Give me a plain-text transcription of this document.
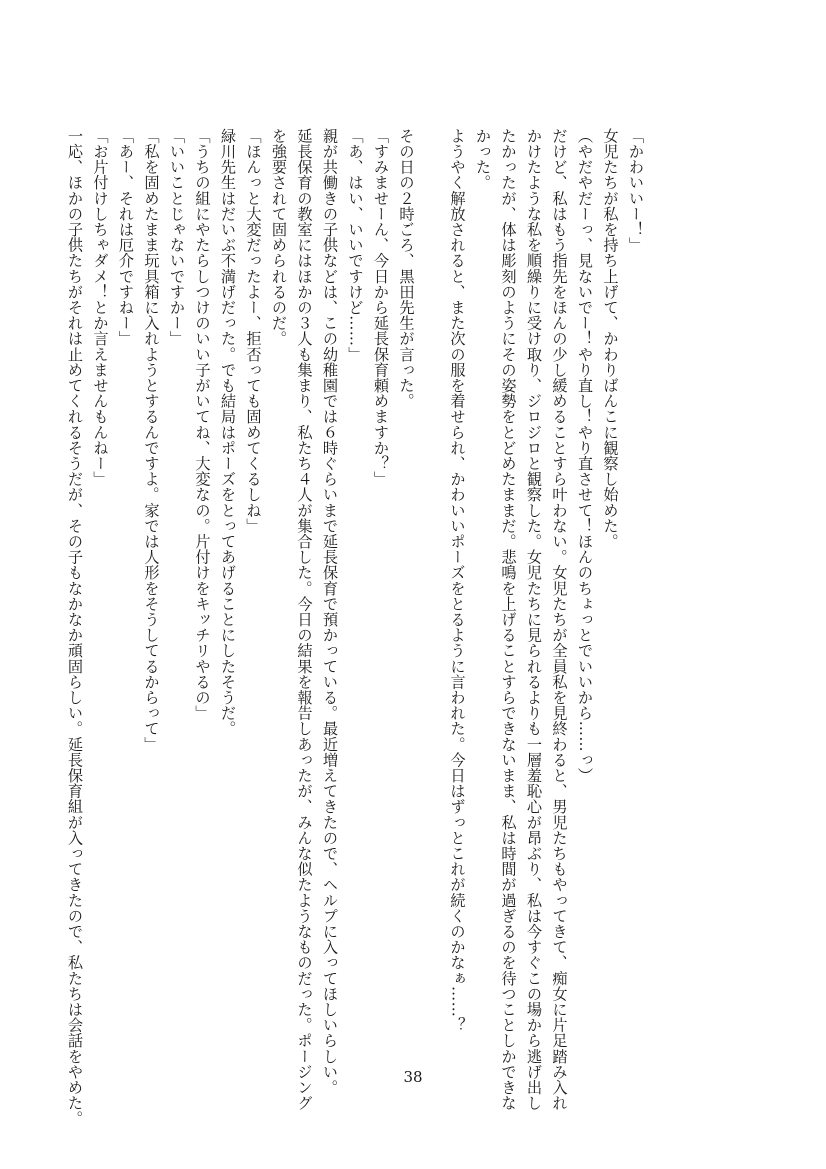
「かわいいー！」
女児たちが私を持ち上げて、かわりばんこに観察し始めた。
（やだやだーっ、見ないでー！やり直し！やり直させて！ほんのちょっとでいいから……っ）
だけど、私はもう指先をほんの少し緩めることすら叶わない。女児たちが全員私を見終わると、男児たちもやってきて、痴女に片足踏み入れ
かけたような私を順繰りに受け取り、ジロジロと観察した。女児たちに見られるよりも一層羞恥心が昂ぶり、私は今すぐこの場から逃げ出し
たかったが、体は彫刻のようにその姿勢をとどめたままだ。悲鳴を上げることすらできないまま、私は時間が過ぎるのを待つことしかできな
かった。
ようやく解放されると、また次の服を着せられ、かわいいポーズをとるように言われた。今日はずっとこれが続くのかなぁ……？
その日の２時ごろ、黒田先生が言った。
「すみませーん、今日から延長保育頼めますか？」
「あ、はい、いいですけど……」
親が共働きの子供などは、この幼稚園では６時ぐらいまで延長保育で預かっている。最近増えてきたので、ヘルプに入ってほしいらしい。
延長保育の教室にはほかの３人も集まり、私たち４人が集合した。今日の結果を報告しあったが、みんな似たようなものだった。ポージング
を強要されて固められるのだ。
「ほんっと大変だったよー、拒否っても固めてくるしね」
緑川先生はだいぶ不満げだった。でも結局はポーズをとってあげることにしたそうだ。
「うちの組にやたらしつけのいい子がいてね、大変なの。片付けをキッチリやるの」
「いいことじゃないですかー」
「私を固めたまま玩具箱に入れようとするんですよ。家では人形をそうしてるからって」
「あー、それは厄介ですねー」
「お片付けしちゃダメ！とか言えませんもんねー」
一応、ほかの子供たちがそれは止めてくれるそうだが、その子もなかなか頑固らしい。延長保育組が入ってきたので、私たちは会話をやめた。	38
